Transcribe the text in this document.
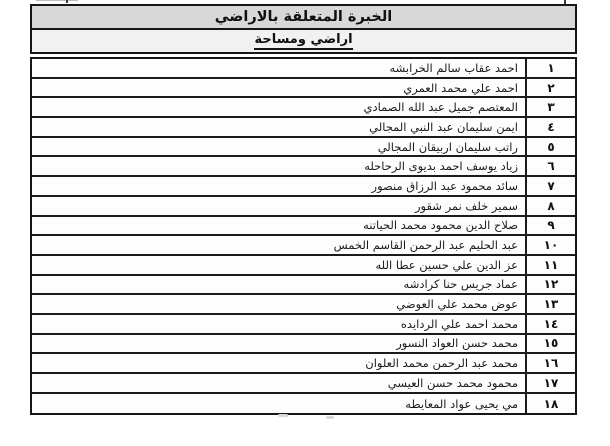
الخبرة المتعلقة بالاراضي
اراضي ومساحة
١
احمد عقاب سالم الخرابشه
٢
احمد علي محمد العمري
٣
المعتصم جميل عبد الله الصمادي
٤
ايمن سليمان عبد النبي المجالي
٥
راتب سليمان اربيقان المجالي
٦
زياد يوسف احمد بديوى الرحاحله
٧
سائد محمود عبد الرزاق منصور
٨
سمير خلف نمر شقور
٩
صلاح الدين محمود محمد الحياتنه
١٠
عبد الحليم عبد الرحمن القاسم الخمس
١١
عز الدين علي حسين عطا الله
١٢
عماد جريس حنا كرادشه
١٣
عوض محمد علي العوضي
١٤
محمد احمد علي الردايده
١٥
محمد حسن العواد النسور
١٦
محمد عبد الرحمن محمد العلوان
١٧
محمود محمد حسن العيسي
١٨
مي يحيى عواد المعايطه
